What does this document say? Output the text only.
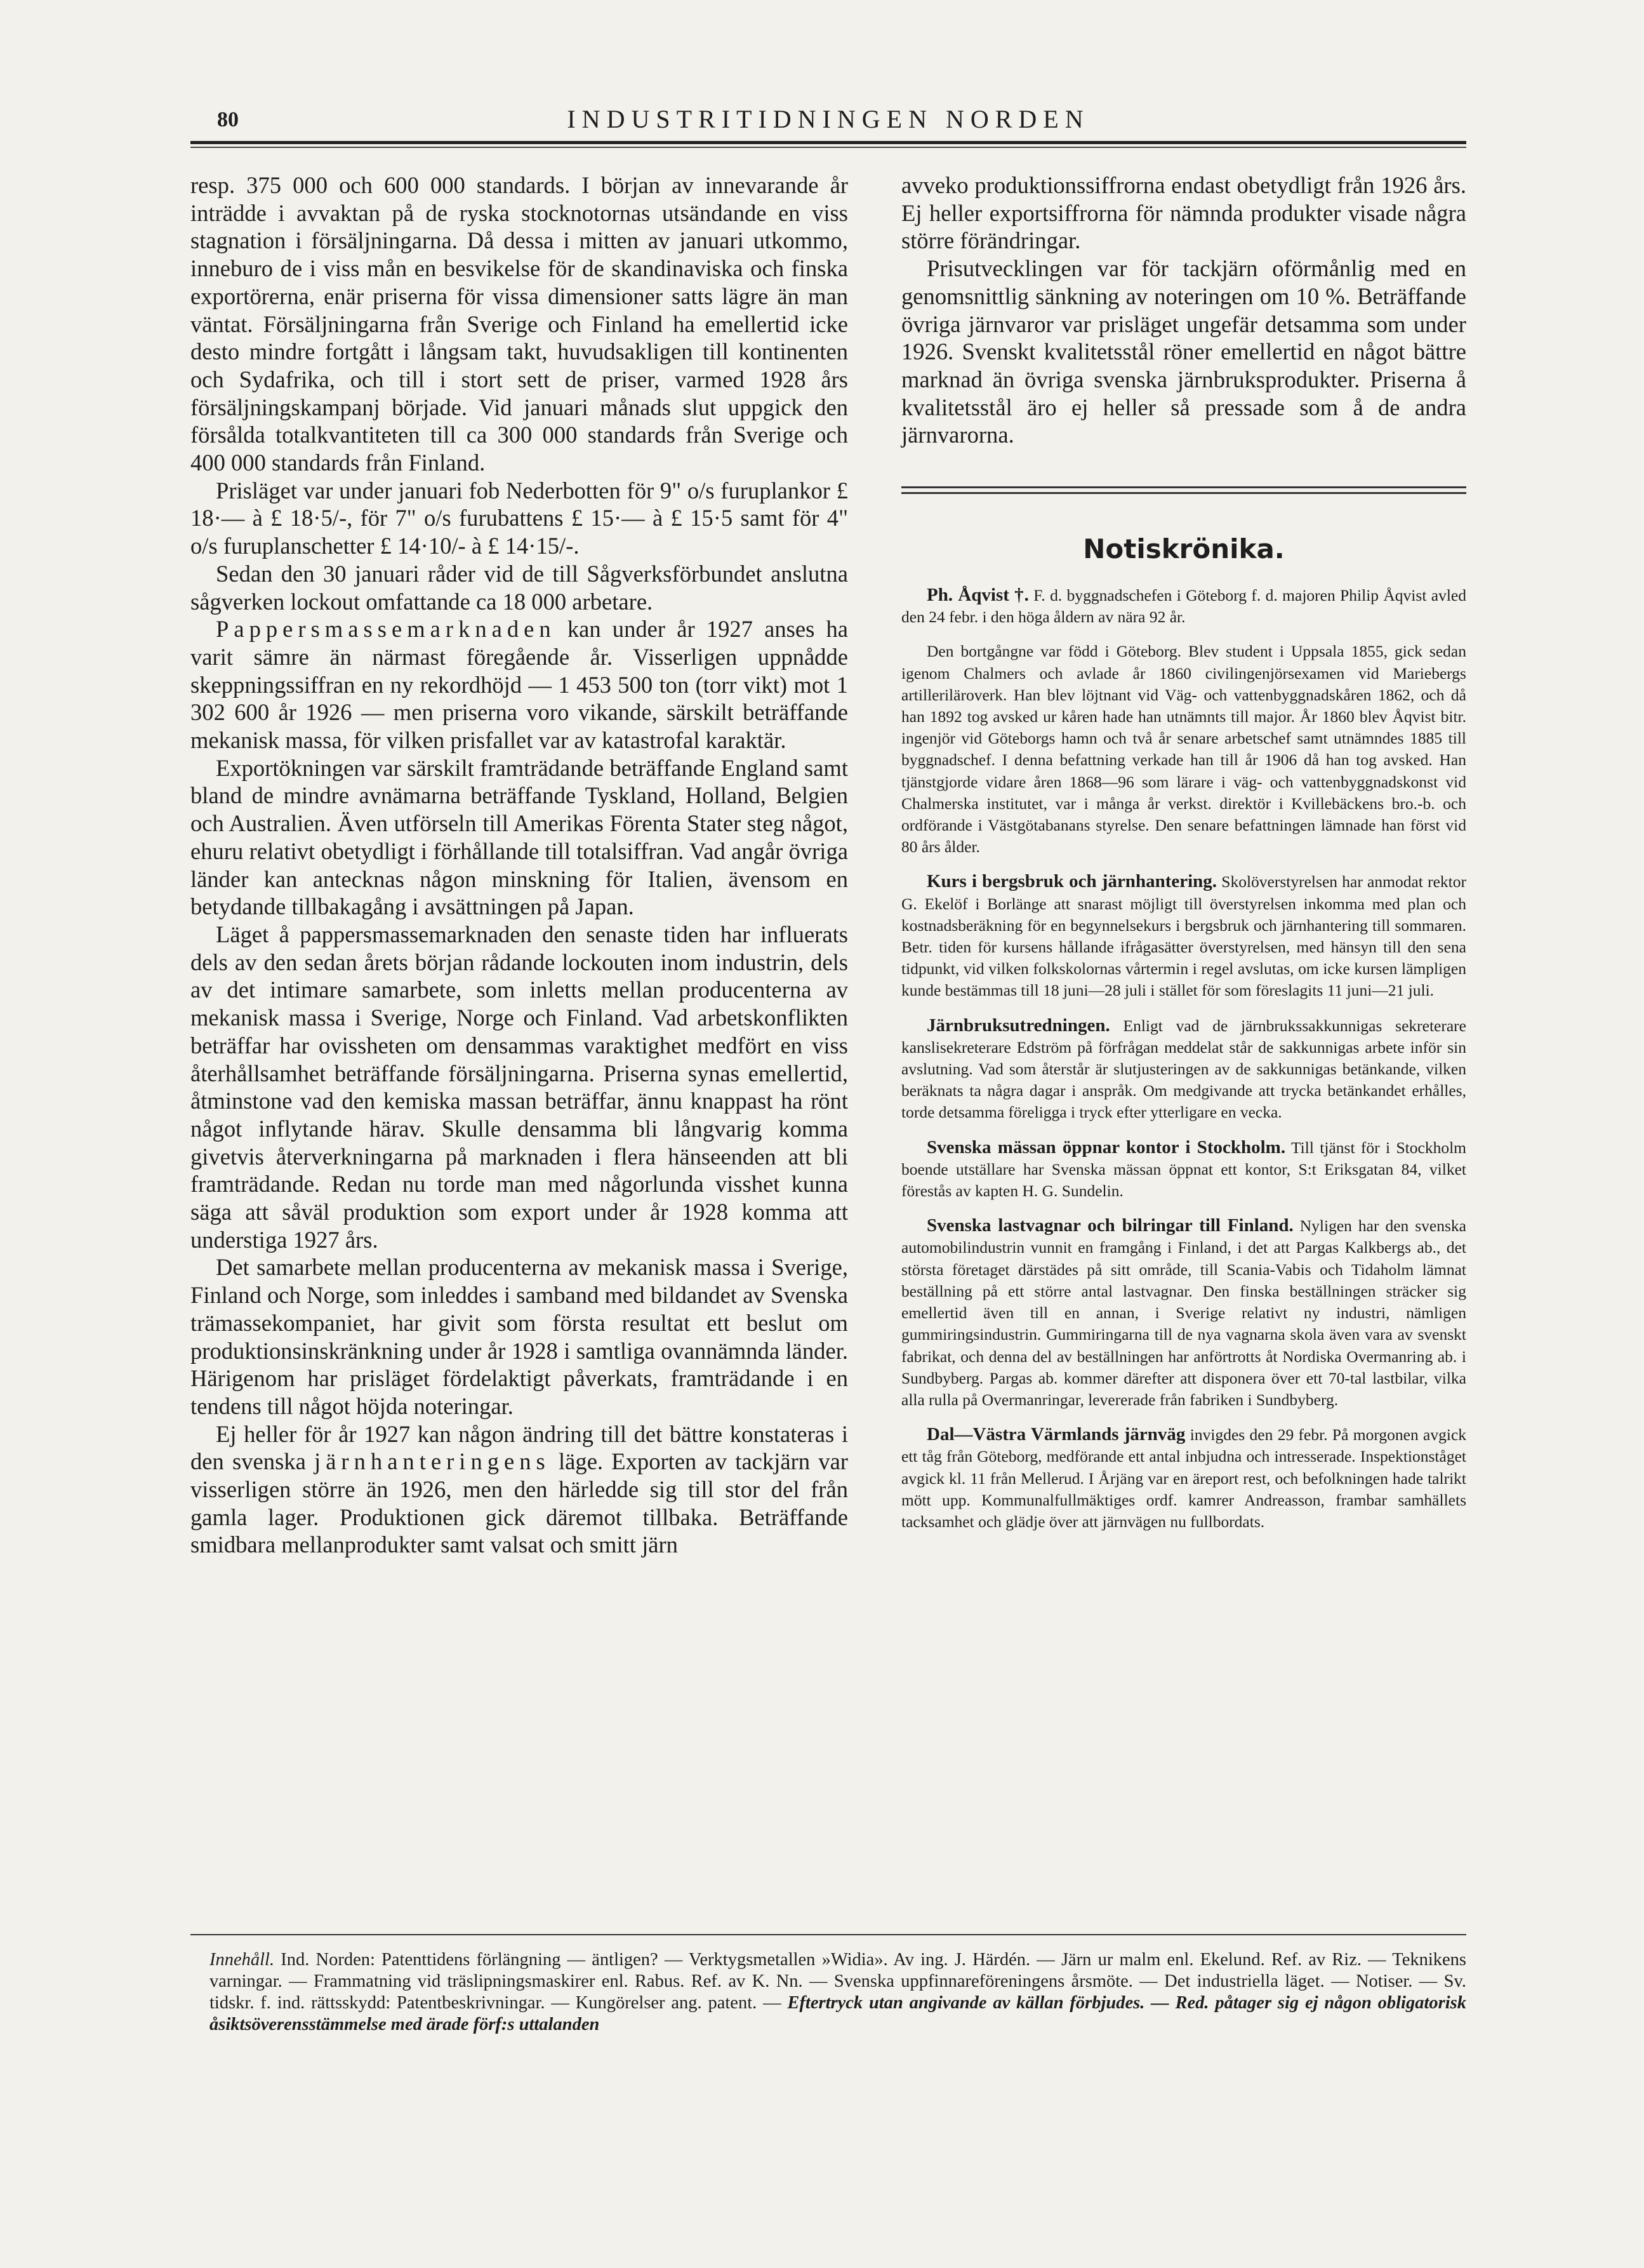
80	INDUSTRITIDNINGEN NORDEN

resp. 375 000 och 600 000 standards. I början av innevarande år inträdde i avvaktan på de ryska stocknotornas utsändande en viss stagnation i försäljningarna. Då dessa i mitten av januari utkommo, inneburo de i viss mån en besvikelse för de skandinaviska och finska exportörerna, enär priserna för vissa dimensioner satts lägre än man väntat. Försäljningarna från Sverige och Finland ha emellertid icke desto mindre fortgått i långsam takt, huvudsakligen till kontinenten och Sydafrika, och till i stort sett de priser, varmed 1928 års försäljningskampanj började. Vid januari månads slut uppgick den försålda totalkvantiteten till ca 300 000 standards från Sverige och 400 000 standards från Finland.

Prisläget var under januari fob Nederbotten för 9" o/s furuplankor £ 18·— à £ 18·5/-, för 7" o/s furubattens £ 15·— à £ 15·5 samt för 4" o/s furuplanschetter £ 14·10/- à £ 14·15/-.

Sedan den 30 januari råder vid de till Sågverksförbundet anslutna sågverken lockout omfattande ca 18 000 arbetare.

Pappersmassemarknaden kan under år 1927 anses ha varit sämre än närmast föregående år. Visserligen uppnådde skeppningssiffran en ny rekordhöjd — 1 453 500 ton (torr vikt) mot 1 302 600 år 1926 — men priserna voro vikande, särskilt beträffande mekanisk massa, för vilken prisfallet var av katastrofal karaktär.

Exportökningen var särskilt framträdande beträffande England samt bland de mindre avnämarna beträffande Tyskland, Holland, Belgien och Australien. Även utförseln till Amerikas Förenta Stater steg något, ehuru relativt obetydligt i förhållande till totalsiffran. Vad angår övriga länder kan antecknas någon minskning för Italien, ävensom en betydande tillbakagång i avsättningen på Japan.

Läget å pappersmassemarknaden den senaste tiden har influerats dels av den sedan årets början rådande lockouten inom industrin, dels av det intimare samarbete, som inletts mellan producenterna av mekanisk massa i Sverige, Norge och Finland. Vad arbetskonflikten beträffar har ovissheten om densammas varaktighet medfört en viss återhållsamhet beträffande försäljningarna. Priserna synas emellertid, åtminstone vad den kemiska massan beträffar, ännu knappast ha rönt något inflytande härav. Skulle densamma bli långvarig komma givetvis återverkningarna på marknaden i flera hänseenden att bli framträdande. Redan nu torde man med någorlunda visshet kunna säga att såväl produktion som export under år 1928 komma att understiga 1927 års.

Det samarbete mellan producenterna av mekanisk massa i Sverige, Finland och Norge, som inleddes i samband med bildandet av Svenska trämassekompaniet, har givit som första resultat ett beslut om produktionsinskränkning under år 1928 i samtliga ovannämnda länder. Härigenom har prisläget fördelaktigt påverkats, framträdande i en tendens till något höjda noteringar.

Ej heller för år 1927 kan någon ändring till det bättre konstateras i den svenska järnhanteringens läge. Exporten av tackjärn var visserligen större än 1926, men den härledde sig till stor del från gamla lager. Produktionen gick däremot tillbaka. Beträffande smidbara mellanprodukter samt valsat och smitt järn

avveko produktionssiffrorna endast obetydligt från 1926 års. Ej heller exportsiffrorna för nämnda produkter visade några större förändringar.

Prisutvecklingen var för tackjärn oförmånlig med en genomsnittlig sänkning av noteringen om 10 %. Beträffande övriga järnvaror var prisläget ungefär detsamma som under 1926. Svenskt kvalitetsstål röner emellertid en något bättre marknad än övriga svenska järnbruksprodukter. Priserna å kvalitetsstål äro ej heller så pressade som å de andra järnvarorna.

Notiskrönika.
Ph. Åqvist †. F. d. byggnadschefen i Göteborg f. d. majoren Philip Åqvist avled den 24 febr. i den höga åldern av nära 92 år.
Den bortgångne var född i Göteborg. Blev student i Uppsala 1855, gick sedan igenom Chalmers och avlade år 1860 civilingenjörsexamen vid Mariebergs artilleriläroverk. Han blev löjtnant vid Väg- och vattenbyggnadskåren 1862, och då han 1892 tog avsked ur kåren hade han utnämnts till major. År 1860 blev Åqvist bitr. ingenjör vid Göteborgs hamn och två år senare arbetschef samt utnämndes 1885 till byggnadschef. I denna befattning verkade han till år 1906 då han tog avsked. Han tjänstgjorde vidare åren 1868—96 som lärare i väg- och vattenbyggnadskonst vid Chalmerska institutet, var i många år verkst. direktör i Kvillebäckens bro.-b. och ordförande i Västgötabanans styrelse. Den senare befattningen lämnade han först vid 80 års ålder.
Kurs i bergsbruk och järnhantering. Skolöverstyrelsen har anmodat rektor G. Ekelöf i Borlänge att snarast möjligt till överstyrelsen inkomma med plan och kostnadsberäkning för en begynnelsekurs i bergsbruk och järnhantering till sommaren. Betr. tiden för kursens hållande ifrågasätter överstyrelsen, med hänsyn till den sena tidpunkt, vid vilken folkskolornas vårtermin i regel avslutas, om icke kursen lämpligen kunde bestämmas till 18 juni—28 juli i stället för som föreslagits 11 juni—21 juli.
Järnbruksutredningen. Enligt vad de järnbrukssakkunnigas sekreterare kanslisekreterare Edström på förfrågan meddelat står de sakkunnigas arbete inför sin avslutning. Vad som återstår är slutjusteringen av de sakkunnigas betänkande, vilken beräknats ta några dagar i anspråk. Om medgivande att trycka betänkandet erhålles, torde detsamma föreligga i tryck efter ytterligare en vecka.
Svenska mässan öppnar kontor i Stockholm. Till tjänst för i Stockholm boende utställare har Svenska mässan öppnat ett kontor, S:t Eriksgatan 84, vilket förestås av kapten H. G. Sundelin.
Svenska lastvagnar och bilringar till Finland. Nyligen har den svenska automobilindustrin vunnit en framgång i Finland, i det att Pargas Kalkbergs ab., det största företaget därstädes på sitt område, till Scania-Vabis och Tidaholm lämnat beställning på ett större antal lastvagnar. Den finska beställningen sträcker sig emellertid även till en annan, i Sverige relativt ny industri, nämligen gummiringsindustrin. Gummiringarna till de nya vagnarna skola även vara av svenskt fabrikat, och denna del av beställningen har anförtrotts åt Nordiska Overmanring ab. i Sundbyberg. Pargas ab. kommer därefter att disponera över ett 70-tal lastbilar, vilka alla rulla på Overmanringar, levererade från fabriken i Sundbyberg.
Dal—Västra Värmlands järnväg invigdes den 29 febr. På morgonen avgick ett tåg från Göteborg, medförande ett antal inbjudna och intresserade. Inspektionståget avgick kl. 11 från Mellerud. I Årjäng var en äreport rest, och befolkningen hade talrikt mött upp. Kommunalfullmäktiges ordf. kamrer Andreasson, frambar samhällets tacksamhet och glädje över att järnvägen nu fullbordats.
Innehåll. Ind. Norden: Patenttidens förlängning — äntligen? — Verktygsmetallen »Widia». Av ing. J. Härdén. — Järn ur malm enl. Ekelund. Ref. av Riz. — Teknikens varningar. — Frammatning vid träslipningsmaskirer enl. Rabus. Ref. av K. Nn. — Svenska uppfinnareföreningens årsmöte. — Det industriella läget. — Notiser. — Sv. tidskr. f. ind. rättsskydd: Patentbeskrivningar. — Kungörelser ang. patent. — Eftertryck utan angivande av källan förbjudes. — Red. påtager sig ej någon obligatorisk åsiktsöverensstämmelse med ärade förf:s uttalanden
